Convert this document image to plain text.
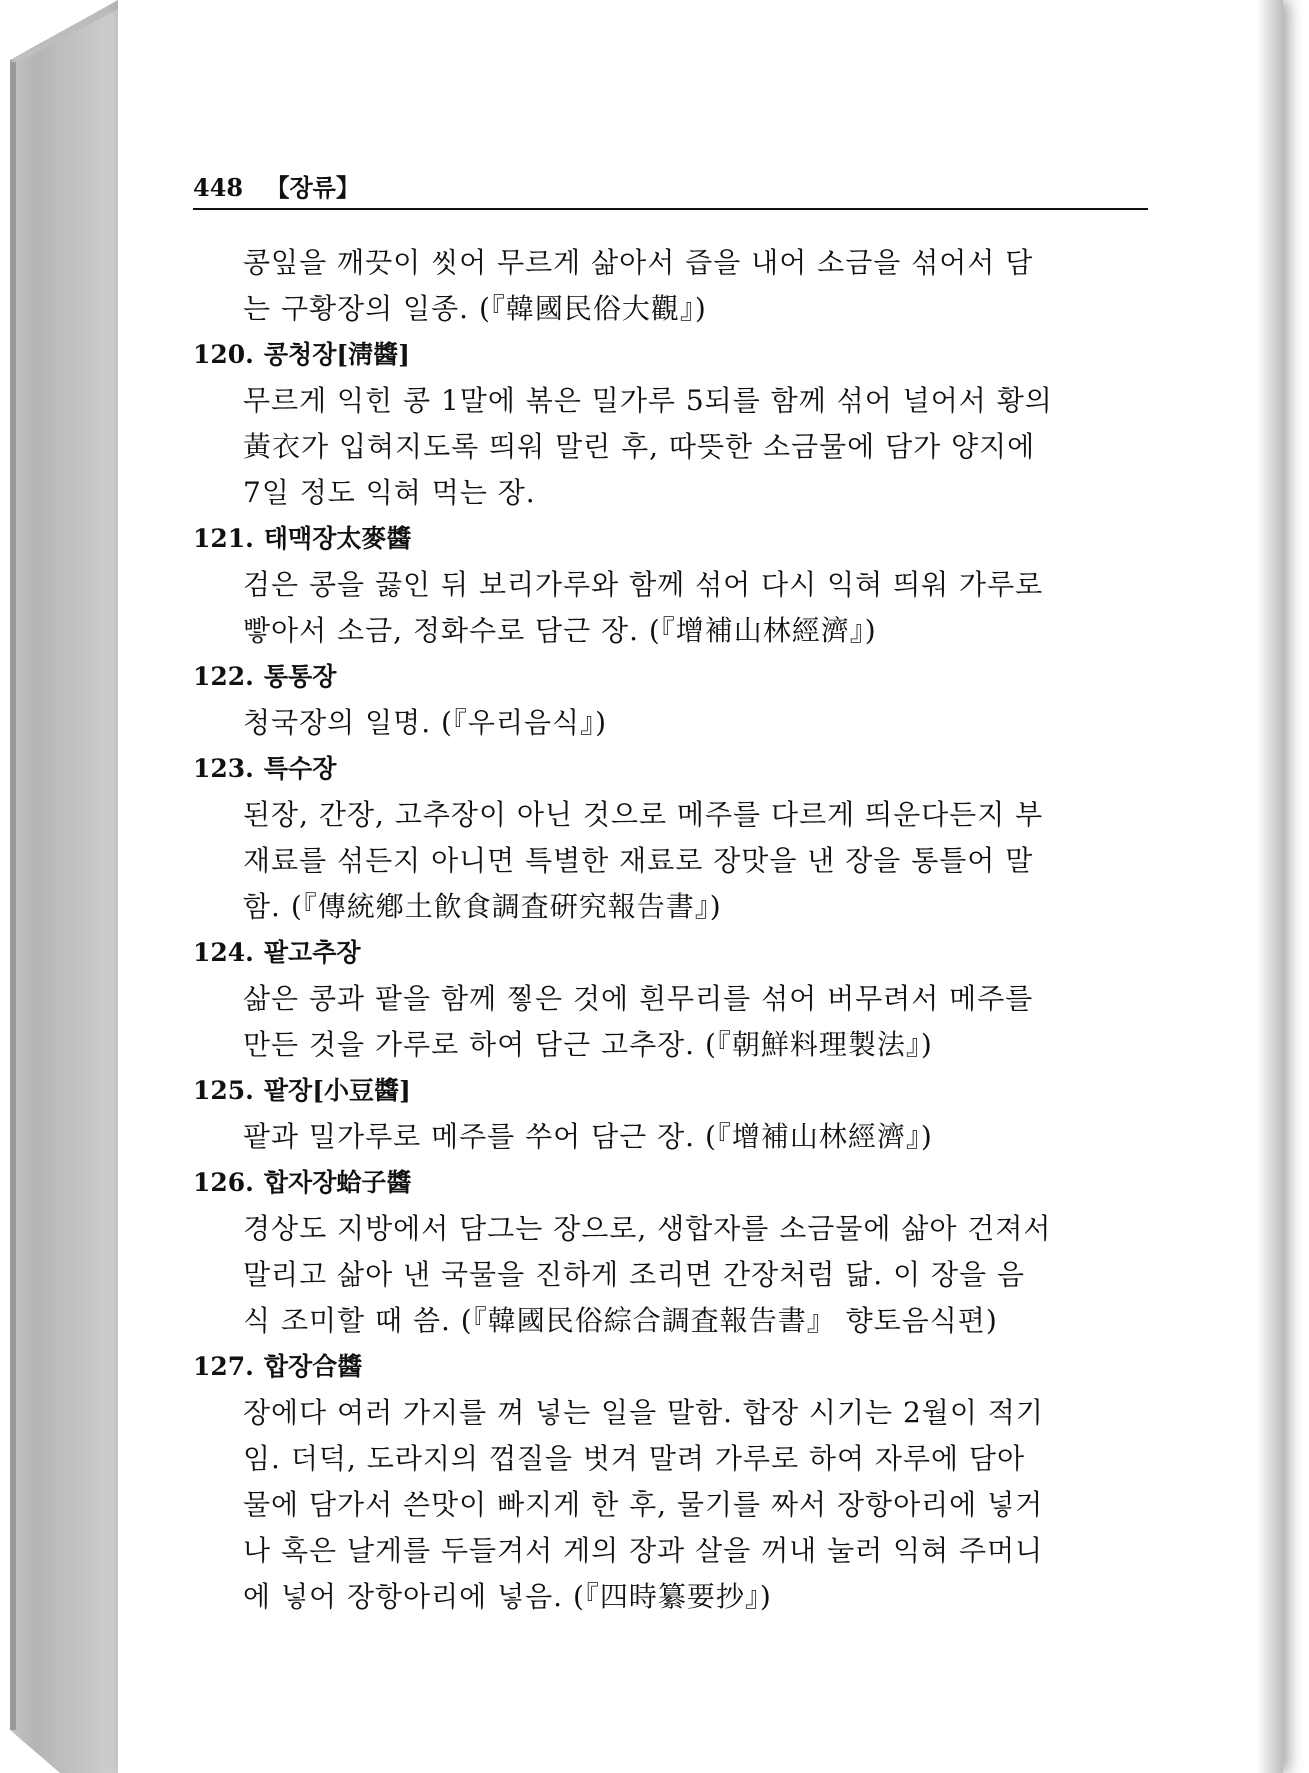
448 【장류】
콩잎을 깨끗이 씻어 무르게 삶아서 즙을 내어 소금을 섞어서 담
는 구황장의 일종. (『韓國民俗大觀』)
120. 콩청장[淸醬]
무르게 익힌 콩 1말에 볶은 밀가루 5되를 함께 섞어 널어서 황의
黃衣가 입혀지도록 띄워 말린 후, 따뜻한 소금물에 담가 양지에
7일 정도 익혀 먹는 장.
121. 태맥장太麥醬
검은 콩을 끓인 뒤 보리가루와 함께 섞어 다시 익혀 띄워 가루로
빻아서 소금, 정화수로 담근 장. (『增補山林經濟』)
122. 통통장
청국장의 일명. (『우리음식』)
123. 특수장
된장, 간장, 고추장이 아닌 것으로 메주를 다르게 띄운다든지 부
재료를 섞든지 아니면 특별한 재료로 장맛을 낸 장을 통틀어 말
함. (『傳統鄕土飮食調査硏究報告書』)
124. 팥고추장
삶은 콩과 팥을 함께 찧은 것에 흰무리를 섞어 버무려서 메주를
만든 것을 가루로 하여 담근 고추장. (『朝鮮料理製法』)
125. 팥장[小豆醬]
팥과 밀가루로 메주를 쑤어 담근 장. (『增補山林經濟』)
126. 합자장蛤子醬
경상도 지방에서 담그는 장으로, 생합자를 소금물에 삶아 건져서
말리고 삶아 낸 국물을 진하게 조리면 간장처럼 닮. 이 장을 음
식 조미할 때 씀. (『韓國民俗綜合調査報告書』 향토음식편)
127. 합장合醬
장에다 여러 가지를 껴 넣는 일을 말함. 합장 시기는 2월이 적기
임. 더덕, 도라지의 껍질을 벗겨 말려 가루로 하여 자루에 담아
물에 담가서 쓴맛이 빠지게 한 후, 물기를 짜서 장항아리에 넣거
나 혹은 날게를 두들겨서 게의 장과 살을 꺼내 눌러 익혀 주머니
에 넣어 장항아리에 넣음. (『四時纂要抄』)
